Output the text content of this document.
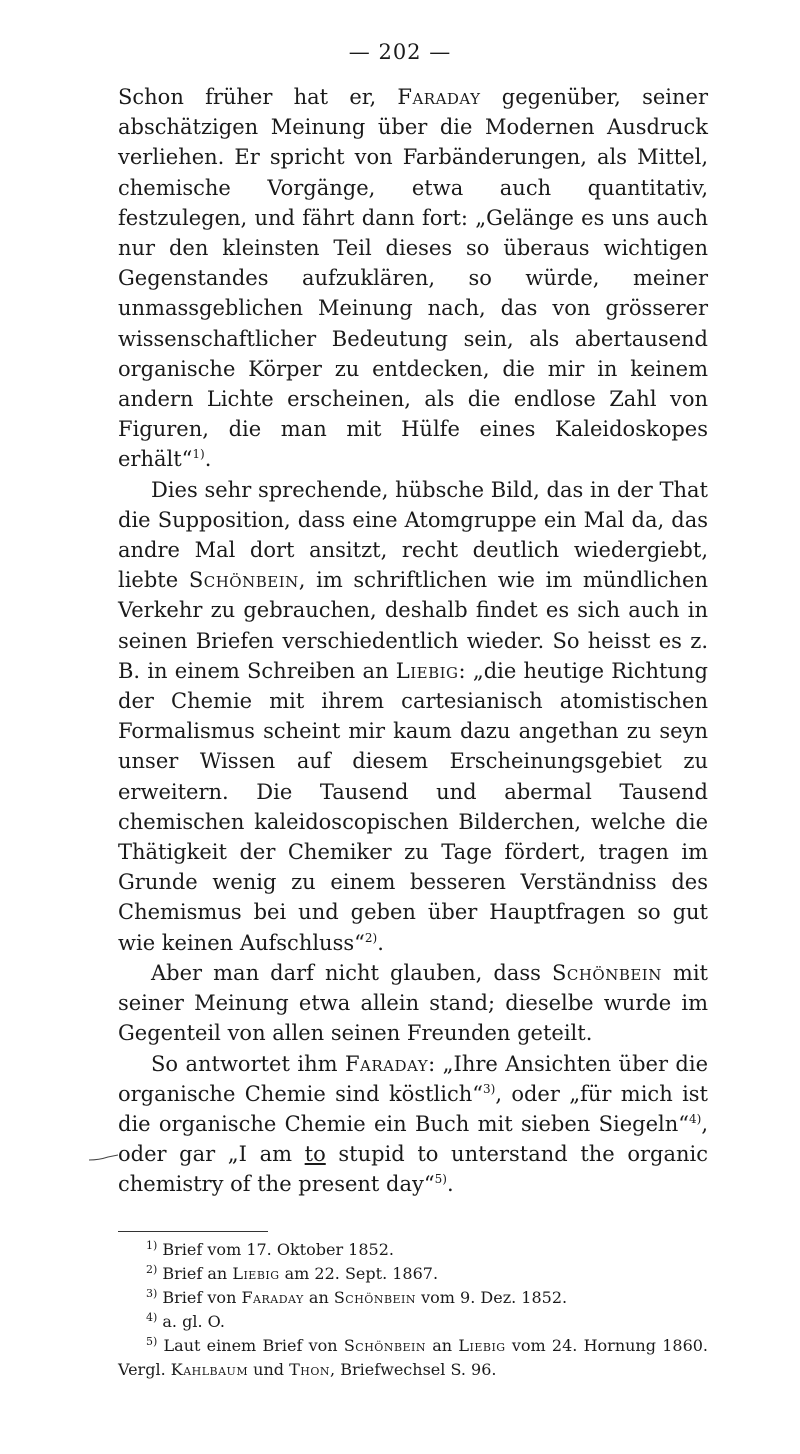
— 202 —

Schon früher hat er, Faraday gegenüber, seiner abschätzigen Meinung über die Modernen Ausdruck verliehen. Er spricht von Farbänderungen, als Mittel, chemische Vorgänge, etwa auch quantitativ, festzulegen, und fährt dann fort: „Gelänge es uns auch nur den kleinsten Teil dieses so überaus wichtigen Gegenstandes aufzuklären, so würde, meiner unmassgeblichen Meinung nach, das von grösserer wissenschaftlicher Bedeutung sein, als abertausend organische Körper zu entdecken, die mir in keinem andern Lichte erscheinen, als die endlose Zahl von Figuren, die man mit Hülfe eines Kaleidoskopes erhält“$^{1)}$.

Dies sehr sprechende, hübsche Bild, das in der That die Supposition, dass eine Atomgruppe ein Mal da, das andre Mal dort ansitzt, recht deutlich wiedergiebt, liebte Schönbein, im schriftlichen wie im mündlichen Verkehr zu gebrauchen, deshalb findet es sich auch in seinen Briefen verschiedentlich wieder. So heisst es z. B. in einem Schreiben an Liebig: „die heutige Richtung der Chemie mit ihrem cartesianisch atomistischen Formalismus scheint mir kaum dazu angethan zu seyn unser Wissen auf diesem Erscheinungsgebiet zu erweitern. Die Tausend und abermal Tausend chemischen kaleidoscopischen Bilderchen, welche die Thätigkeit der Chemiker zu Tage fördert, tragen im Grunde wenig zu einem besseren Verständniss des Chemismus bei und geben über Hauptfragen so gut wie keinen Aufschluss“$^{2)}$.

Aber man darf nicht glauben, dass Schönbein mit seiner Meinung etwa allein stand; dieselbe wurde im Gegenteil von allen seinen Freunden geteilt.

So antwortet ihm Faraday: „Ihre Ansichten über die organische Chemie sind köstlich“$^{3)}$, oder „für mich ist die organische Chemie ein Buch mit sieben Siegeln“$^{4)}$, oder gar „I am to stupid to unterstand the organic chemistry of the present day“$^{5)}$.

$^{1)}$ Brief vom 17. Oktober 1852.

$^{2)}$ Brief an Liebig am 22. Sept. 1867.

$^{3)}$ Brief von Faraday an Schönbein vom 9. Dez. 1852.

$^{4)}$ a. gl. O.

$^{5)}$ Laut einem Brief von Schönbein an Liebig vom 24. Hornung 1860. Vergl. Kahlbaum und Thon, Briefwechsel S. 96.
